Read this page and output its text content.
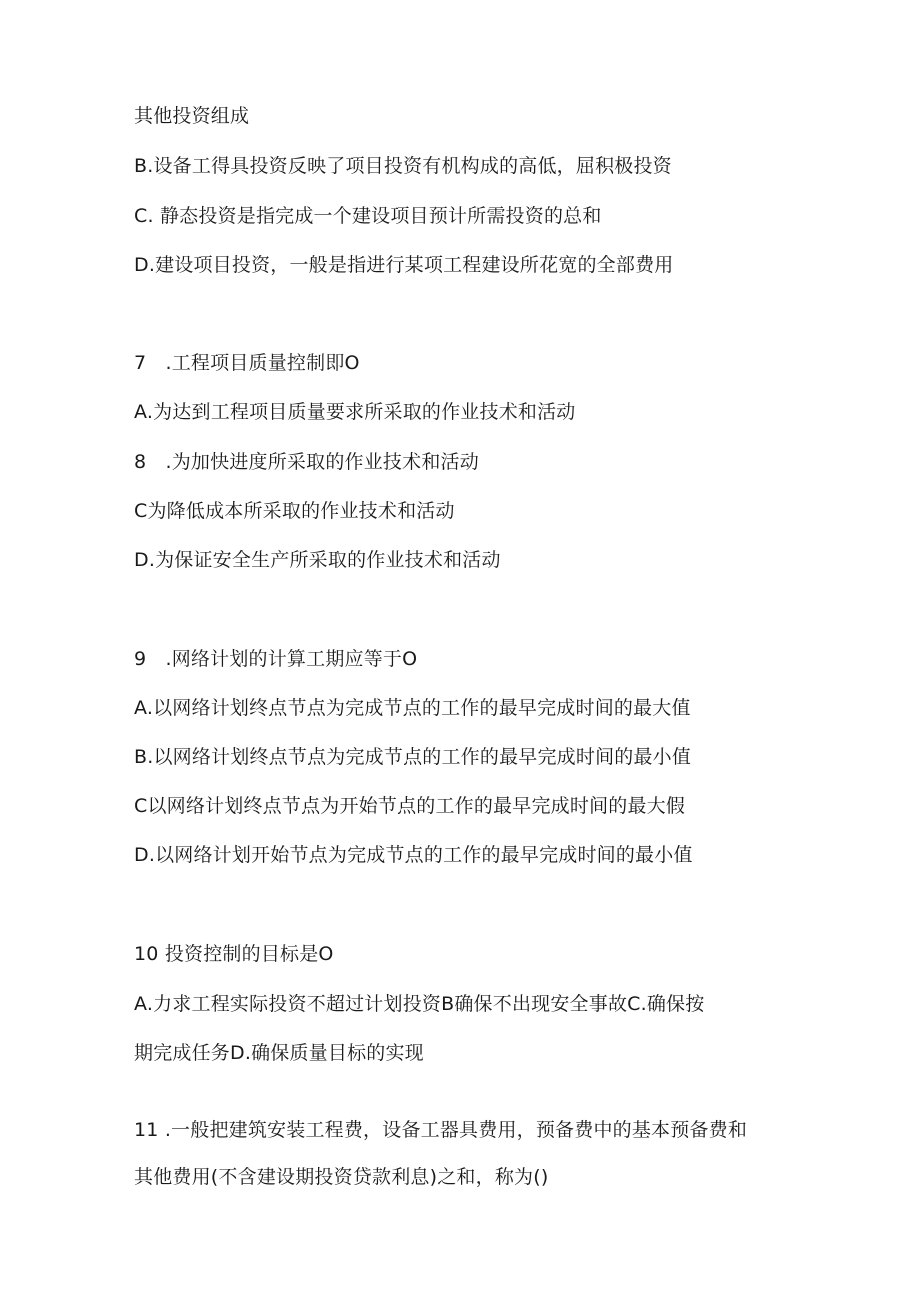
其他投资组成
B.设备工得具投资反映了项目投资有机构成的高低，屈积极投资
C. 静态投资是指完成一个建设项目预计所需投资的总和
D.建设项目投资，一般是指进行某项工程建设所花宽的全部费用
7　.工程项目质量控制即O
A.为达到工程项目质量要求所采取的作业技术和活动
8　.为加快进度所采取的作业技术和活动
C为降低成本所采取的作业技术和活动
D.为保证安全生产所采取的作业技术和活动
9　.网络计划的计算工期应等于O
A.以网络计划终点节点为完成节点的工作的最早完成时间的最大值
B.以网络计划终点节点为完成节点的工作的最早完成时间的最小值
C以网络计划终点节点为开始节点的工作的最早完成时间的最大假
D.以网络计划开始节点为完成节点的工作的最早完成时间的最小值
10 投资控制的目标是O
A.力求工程实际投资不超过计划投资B确保不出现安全事故C.确保按
期完成任务D.确保质量目标的实现
11 .一般把建筑安装工程费，设备工器具费用，预备费中的基本预备费和
其他费用(不含建设期投资贷款利息)之和，称为()
